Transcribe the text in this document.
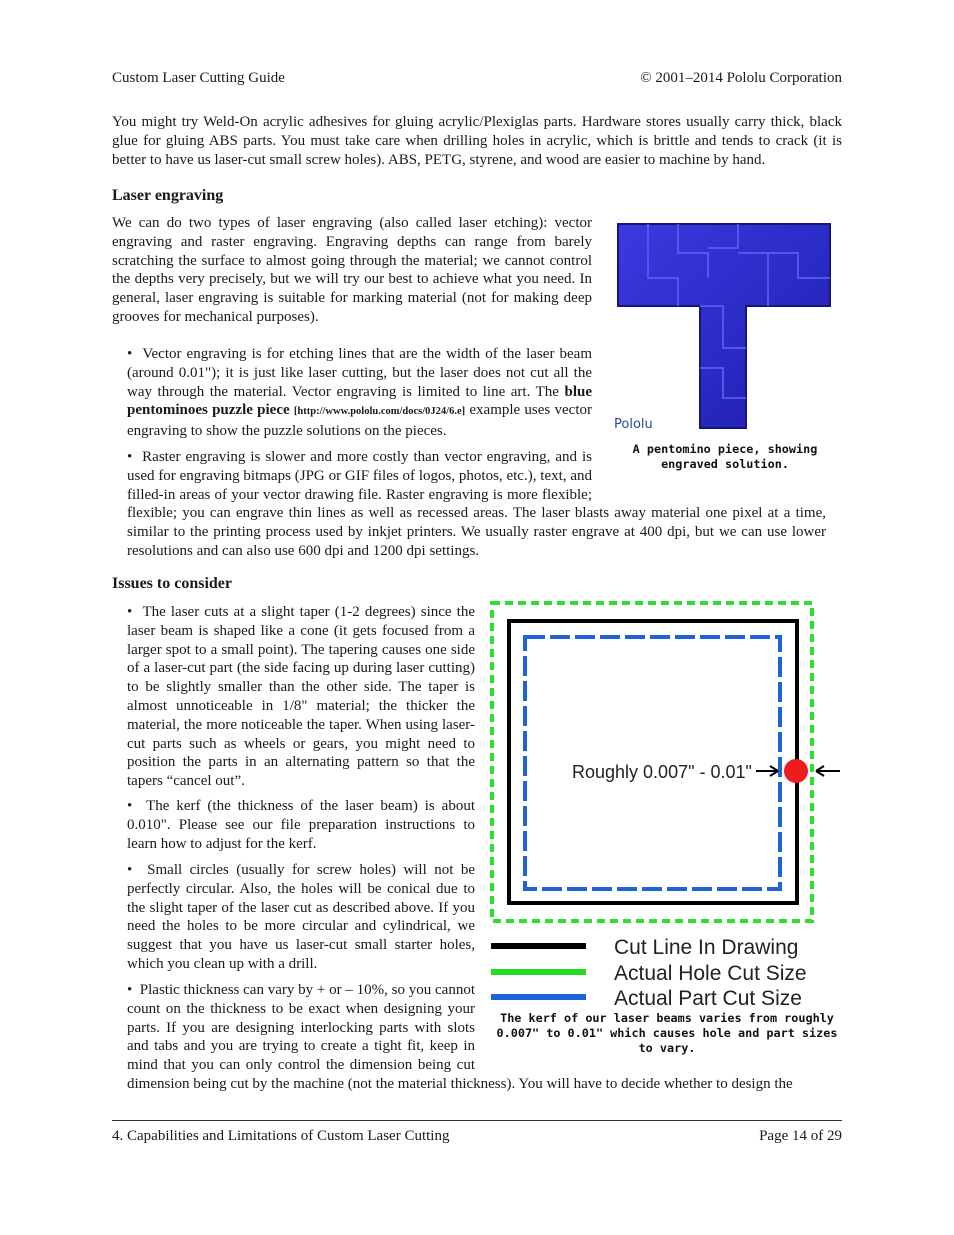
Custom Laser Cutting Guide	© 2001–2014 Pololu Corporation

You might try Weld-On acrylic adhesives for gluing acrylic/Plexiglas parts. Hardware stores usually carry thick, black glue for gluing ABS parts. You must take care when drilling holes in acrylic, which is brittle and tends to crack (it is better to have us laser-cut small screw holes). ABS, PETG, styrene, and wood are easier to machine by hand.

Laser engraving

We can do two types of laser engraving (also called laser etching): vector engraving and raster engraving. Engraving depths can range from barely scratching the surface to almost going through the material; we cannot control the depths very precisely, but we will try our best to achieve what you need. In general, laser engraving is suitable for marking material (not for making deep grooves for mechanical purposes).

•  Vector engraving is for etching lines that are the width of the laser beam (around 0.01"); it is just like laser cutting, but the laser does not cut all the way through the material. Vector engraving is limited to line art. The blue pentominoes puzzle piece [http://www.pololu.com/docs/0J24/6.e] example uses vector engraving to show the puzzle solutions on the pieces.
•  Raster engraving is slower and more costly than vector engraving, and is used for engraving bitmaps (JPG or GIF files of logos, photos, etc.), text, and filled-in areas of your vector drawing file. Raster engraving is more flexible;

flexible; you can engrave thin lines as well as recessed areas. The laser blasts away material one pixel at a time, similar to the printing process used by inkjet printers. We usually raster engrave at 400 dpi, but we can use lower resolutions and can also use 600 dpi and 1200 dpi settings.

Pololu
A pentomino piece, showing engraved solution.
Issues to consider
•  The laser cuts at a slight taper (1-2 degrees) since the laser beam is shaped like a cone (it gets focused from a larger spot to a small point). The tapering causes one side of a laser-cut part (the side facing up during laser cutting) to be slightly smaller than the other side. The taper is almost unnoticeable in 1/8" material; the thicker the material, the more noticeable the taper. When using laser-cut parts such as wheels or gears, you might need to position the parts in an alternating pattern so that the tapers “cancel out”.
•  The kerf (the thickness of the laser beam) is about 0.010". Please see our file preparation instructions to learn how to adjust for the kerf.
•  Small circles (usually for screw holes) will not be perfectly circular. Also, the holes will be conical due to the slight taper of the laser cut as described above. If you need the holes to be more circular and cylindrical, we suggest that you have us laser-cut small starter holes, which you clean up with a drill.
•  Plastic thickness can vary by + or – 10%, so you cannot count on the thickness to be exact when designing your parts. If you are designing interlocking parts with slots and tabs and you are trying to create a tight fit, keep in mind that you can only control the dimension being cut

dimension being cut by the machine (not the material thickness). You will have to decide whether to design the

Roughly 0.007" - 0.01"
Cut Line In Drawing
Actual Hole Cut Size
Actual Part Cut Size
The kerf of our laser beams varies from roughly 0.007" to 0.01" which causes hole and part sizes to vary.
4. Capabilities and Limitations of Custom Laser Cutting	Page 14 of 29
